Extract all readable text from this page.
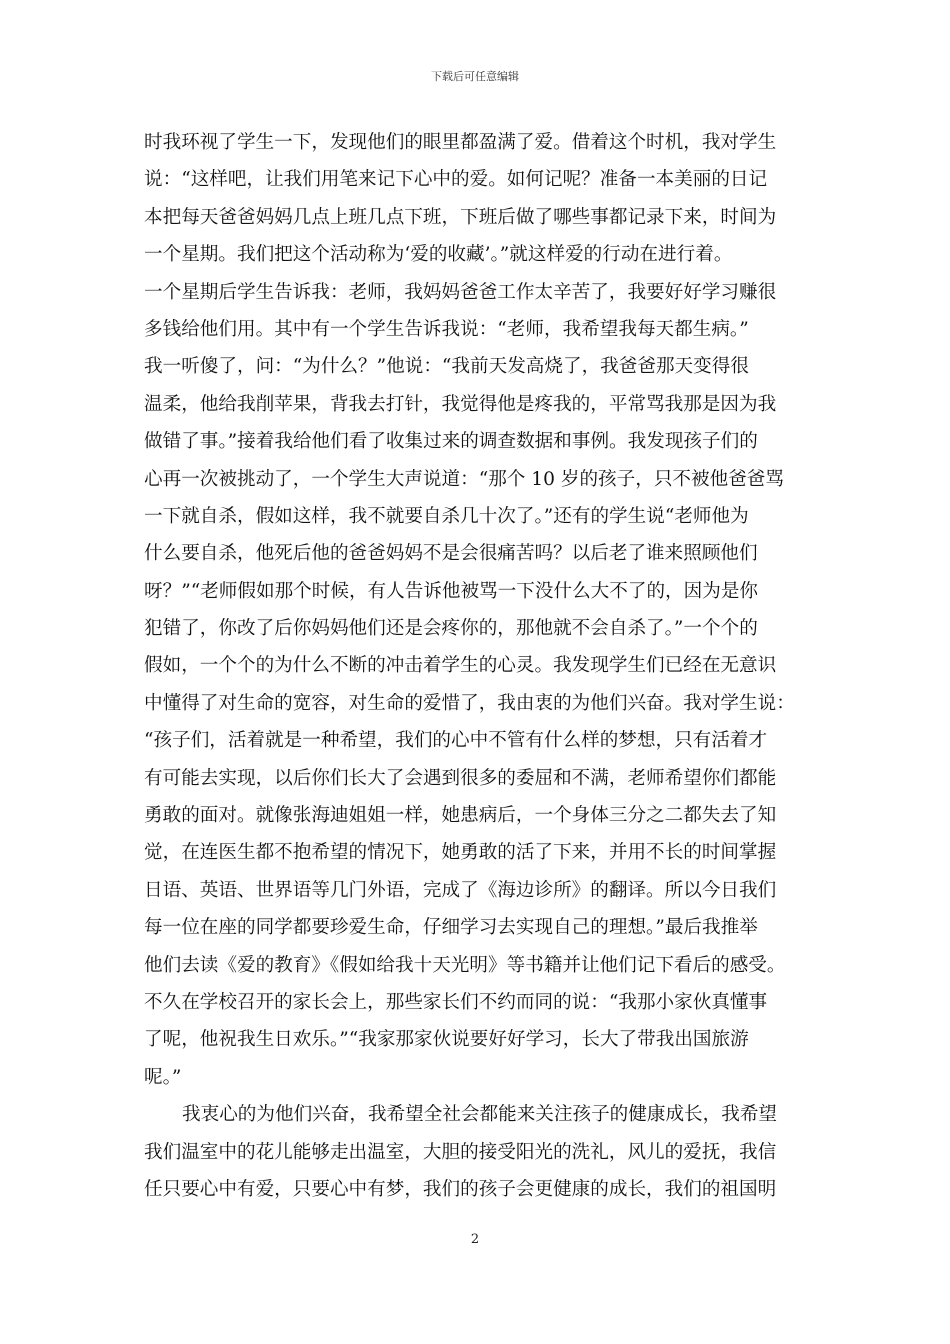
下载后可任意编辑
时我环视了学生一下，发现他们的眼里都盈满了爱。借着这个时机，我对学生
说：“这样吧，让我们用笔来记下心中的爱。如何记呢？准备一本美丽的日记
本把每天爸爸妈妈几点上班几点下班，下班后做了哪些事都记录下来，时间为
一个星期。我们把这个活动称为‘爱的收藏’。”就这样爱的行动在进行着。
一个星期后学生告诉我：老师，我妈妈爸爸工作太辛苦了，我要好好学习赚很
多钱给他们用。其中有一个学生告诉我说：“老师，我希望我每天都生病。”
我一听傻了，问：“为什么？”他说：“我前天发高烧了，我爸爸那天变得很
温柔，他给我削苹果，背我去打针，我觉得他是疼我的，平常骂我那是因为我
做错了事。”接着我给他们看了收集过来的调查数据和事例。我发现孩子们的
心再一次被挑动了，一个学生大声说道：“那个 10 岁的孩子，只不被他爸爸骂
一下就自杀，假如这样，我不就要自杀几十次了。”还有的学生说“老师他为
什么要自杀，他死后他的爸爸妈妈不是会很痛苦吗？以后老了谁来照顾他们
呀？”“老师假如那个时候，有人告诉他被骂一下没什么大不了的，因为是你
犯错了，你改了后你妈妈他们还是会疼你的，那他就不会自杀了。”一个个的
假如，一个个的为什么不断的冲击着学生的心灵。我发现学生们已经在无意识
中懂得了对生命的宽容，对生命的爱惜了，我由衷的为他们兴奋。我对学生说：
“孩子们，活着就是一种希望，我们的心中不管有什么样的梦想，只有活着才
有可能去实现，以后你们长大了会遇到很多的委屈和不满，老师希望你们都能
勇敢的面对。就像张海迪姐姐一样，她患病后，一个身体三分之二都失去了知
觉，在连医生都不抱希望的情况下，她勇敢的活了下来，并用不长的时间掌握
日语、英语、世界语等几门外语，完成了《海边诊所》的翻译。所以今日我们
每一位在座的同学都要珍爱生命，仔细学习去实现自己的理想。”最后我推举
他们去读《爱的教育》《假如给我十天光明》等书籍并让他们记下看后的感受。
不久在学校召开的家长会上，那些家长们不约而同的说：“我那小家伙真懂事
了呢，他祝我生日欢乐。”“我家那家伙说要好好学习，长大了带我出国旅游
呢。”
我衷心的为他们兴奋，我希望全社会都能来关注孩子的健康成长，我希望
我们温室中的花儿能够走出温室，大胆的接受阳光的洗礼，风儿的爱抚，我信
任只要心中有爱，只要心中有梦，我们的孩子会更健康的成长，我们的祖国明
2
